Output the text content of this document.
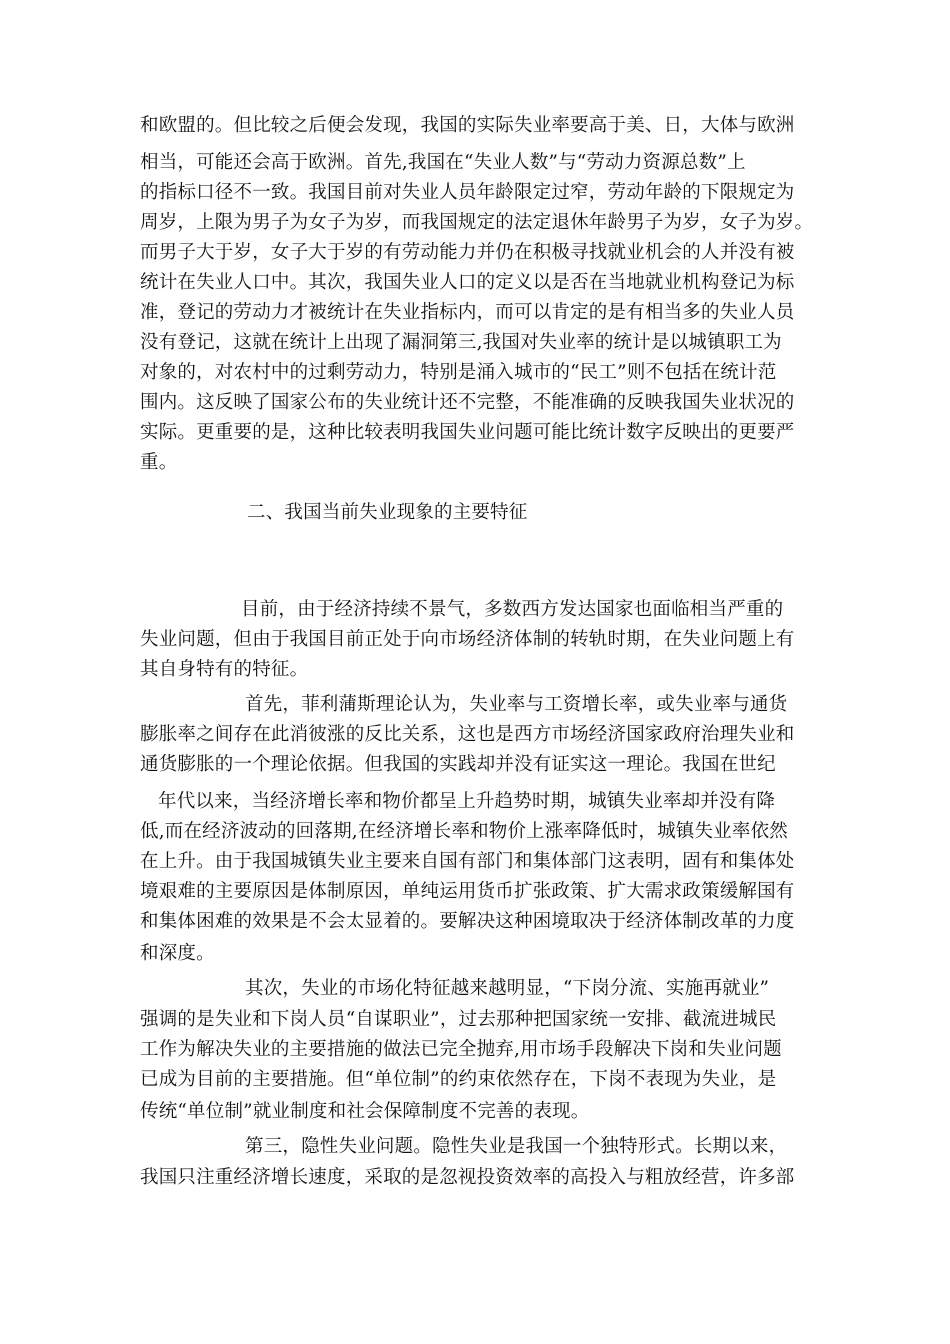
和欧盟的。但比较之后便会发现，我国的实际失业率要高于美、日，大体与欧洲
相当，可能还会高于欧洲。首先,我国在“失业人数”与“劳动力资源总数”上
的指标口径不一致。我国目前对失业人员年龄限定过窄，劳动年龄的下限规定为
周岁，上限为男子为女子为岁，而我国规定的法定退休年龄男子为岁，女子为岁。
而男子大于岁，女子大于岁的有劳动能力并仍在积极寻找就业机会的人并没有被
统计在失业人口中。其次，我国失业人口的定义以是否在当地就业机构登记为标
准，登记的劳动力才被统计在失业指标内，而可以肯定的是有相当多的失业人员
没有登记，这就在统计上出现了漏洞第三,我国对失业率的统计是以城镇职工为
对象的，对农村中的过剩劳动力，特别是涌入城市的“民工”则不包括在统计范
围内。这反映了国家公布的失业统计还不完整，不能准确的反映我国失业状况的
实际。更重要的是，这种比较表明我国失业问题可能比统计数字反映出的更要严
重。
二、我国当前失业现象的主要特征
目前，由于经济持续不景气，多数西方发达国家也面临相当严重的
失业问题，但由于我国目前正处于向市场经济体制的转轨时期，在失业问题上有
其自身特有的特征。
首先，菲利蒲斯理论认为，失业率与工资增长率，或失业率与通货
膨胀率之间存在此消彼涨的反比关系，这也是西方市场经济国家政府治理失业和
通货膨胀的一个理论依据。但我国的实践却并没有证实这一理论。我国在世纪
年代以来，当经济增长率和物价都呈上升趋势时期，城镇失业率却并没有降
低,而在经济波动的回落期,在经济增长率和物价上涨率降低时，城镇失业率依然
在上升。由于我国城镇失业主要来自国有部门和集体部门这表明，固有和集体处
境艰难的主要原因是体制原因，单纯运用货币扩张政策、扩大需求政策缓解国有
和集体困难的效果是不会太显着的。要解决这种困境取决于经济体制改革的力度
和深度。
其次，失业的市场化特征越来越明显，“下岗分流、实施再就业”
强调的是失业和下岗人员“自谋职业”，过去那种把国家统一安排、截流进城民
工作为解决失业的主要措施的做法已完全抛弃,用市场手段解决下岗和失业问题
已成为目前的主要措施。但“单位制”的约束依然存在，下岗不表现为失业，是
传统“单位制”就业制度和社会保障制度不完善的表现。
第三，隐性失业问题。隐性失业是我国一个独特形式。长期以来，
我国只注重经济增长速度，采取的是忽视投资效率的高投入与粗放经营，许多部
